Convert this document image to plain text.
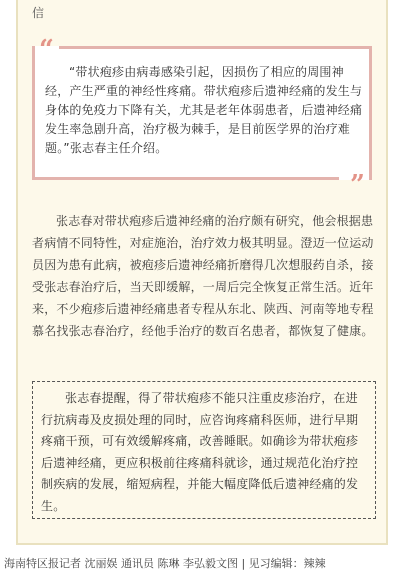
信
“

“带状疱疹由病毒感染引起，因损伤了相应的周围神经，产生严重的神经性疼痛。带状疱疹后遗神经痛的发生与身体的免疫力下降有关，尤其是老年体弱患者，后遗神经痛发生率急剧升高，治疗极为棘手，是目前医学界的治疗难题。”张志春主任介绍。

”

张志春对带状疱疹后遗神经痛的治疗颇有研究，他会根据患者病情不同特性，对症施治，治疗效力极其明显。澄迈一位运动员因为患有此病，被疱疹后遗神经痛折磨得几次想服药自杀，接受张志春治疗后，当天即缓解，一周后完全恢复正常生活。近年来，不少疱疹后遗神经痛患者专程从东北、陕西、河南等地专程慕名找张志春治疗，经他手治疗的数百名患者，都恢复了健康。

张志春提醒，得了带状疱疹不能只注重皮疹治疗，在进行抗病毒及皮损处理的同时，应咨询疼痛科医师，进行早期疼痛干预，可有效缓解疼痛，改善睡眠。如确诊为带状疱疹后遗神经痛，更应积极前往疼痛科就诊，通过规范化治疗控制疾病的发展，缩短病程，并能大幅度降低后遗神经痛的发生。

海南特区报记者 沈丽娱 通讯员 陈琳 李弘毅文图 | 见习编辑：辣辣
